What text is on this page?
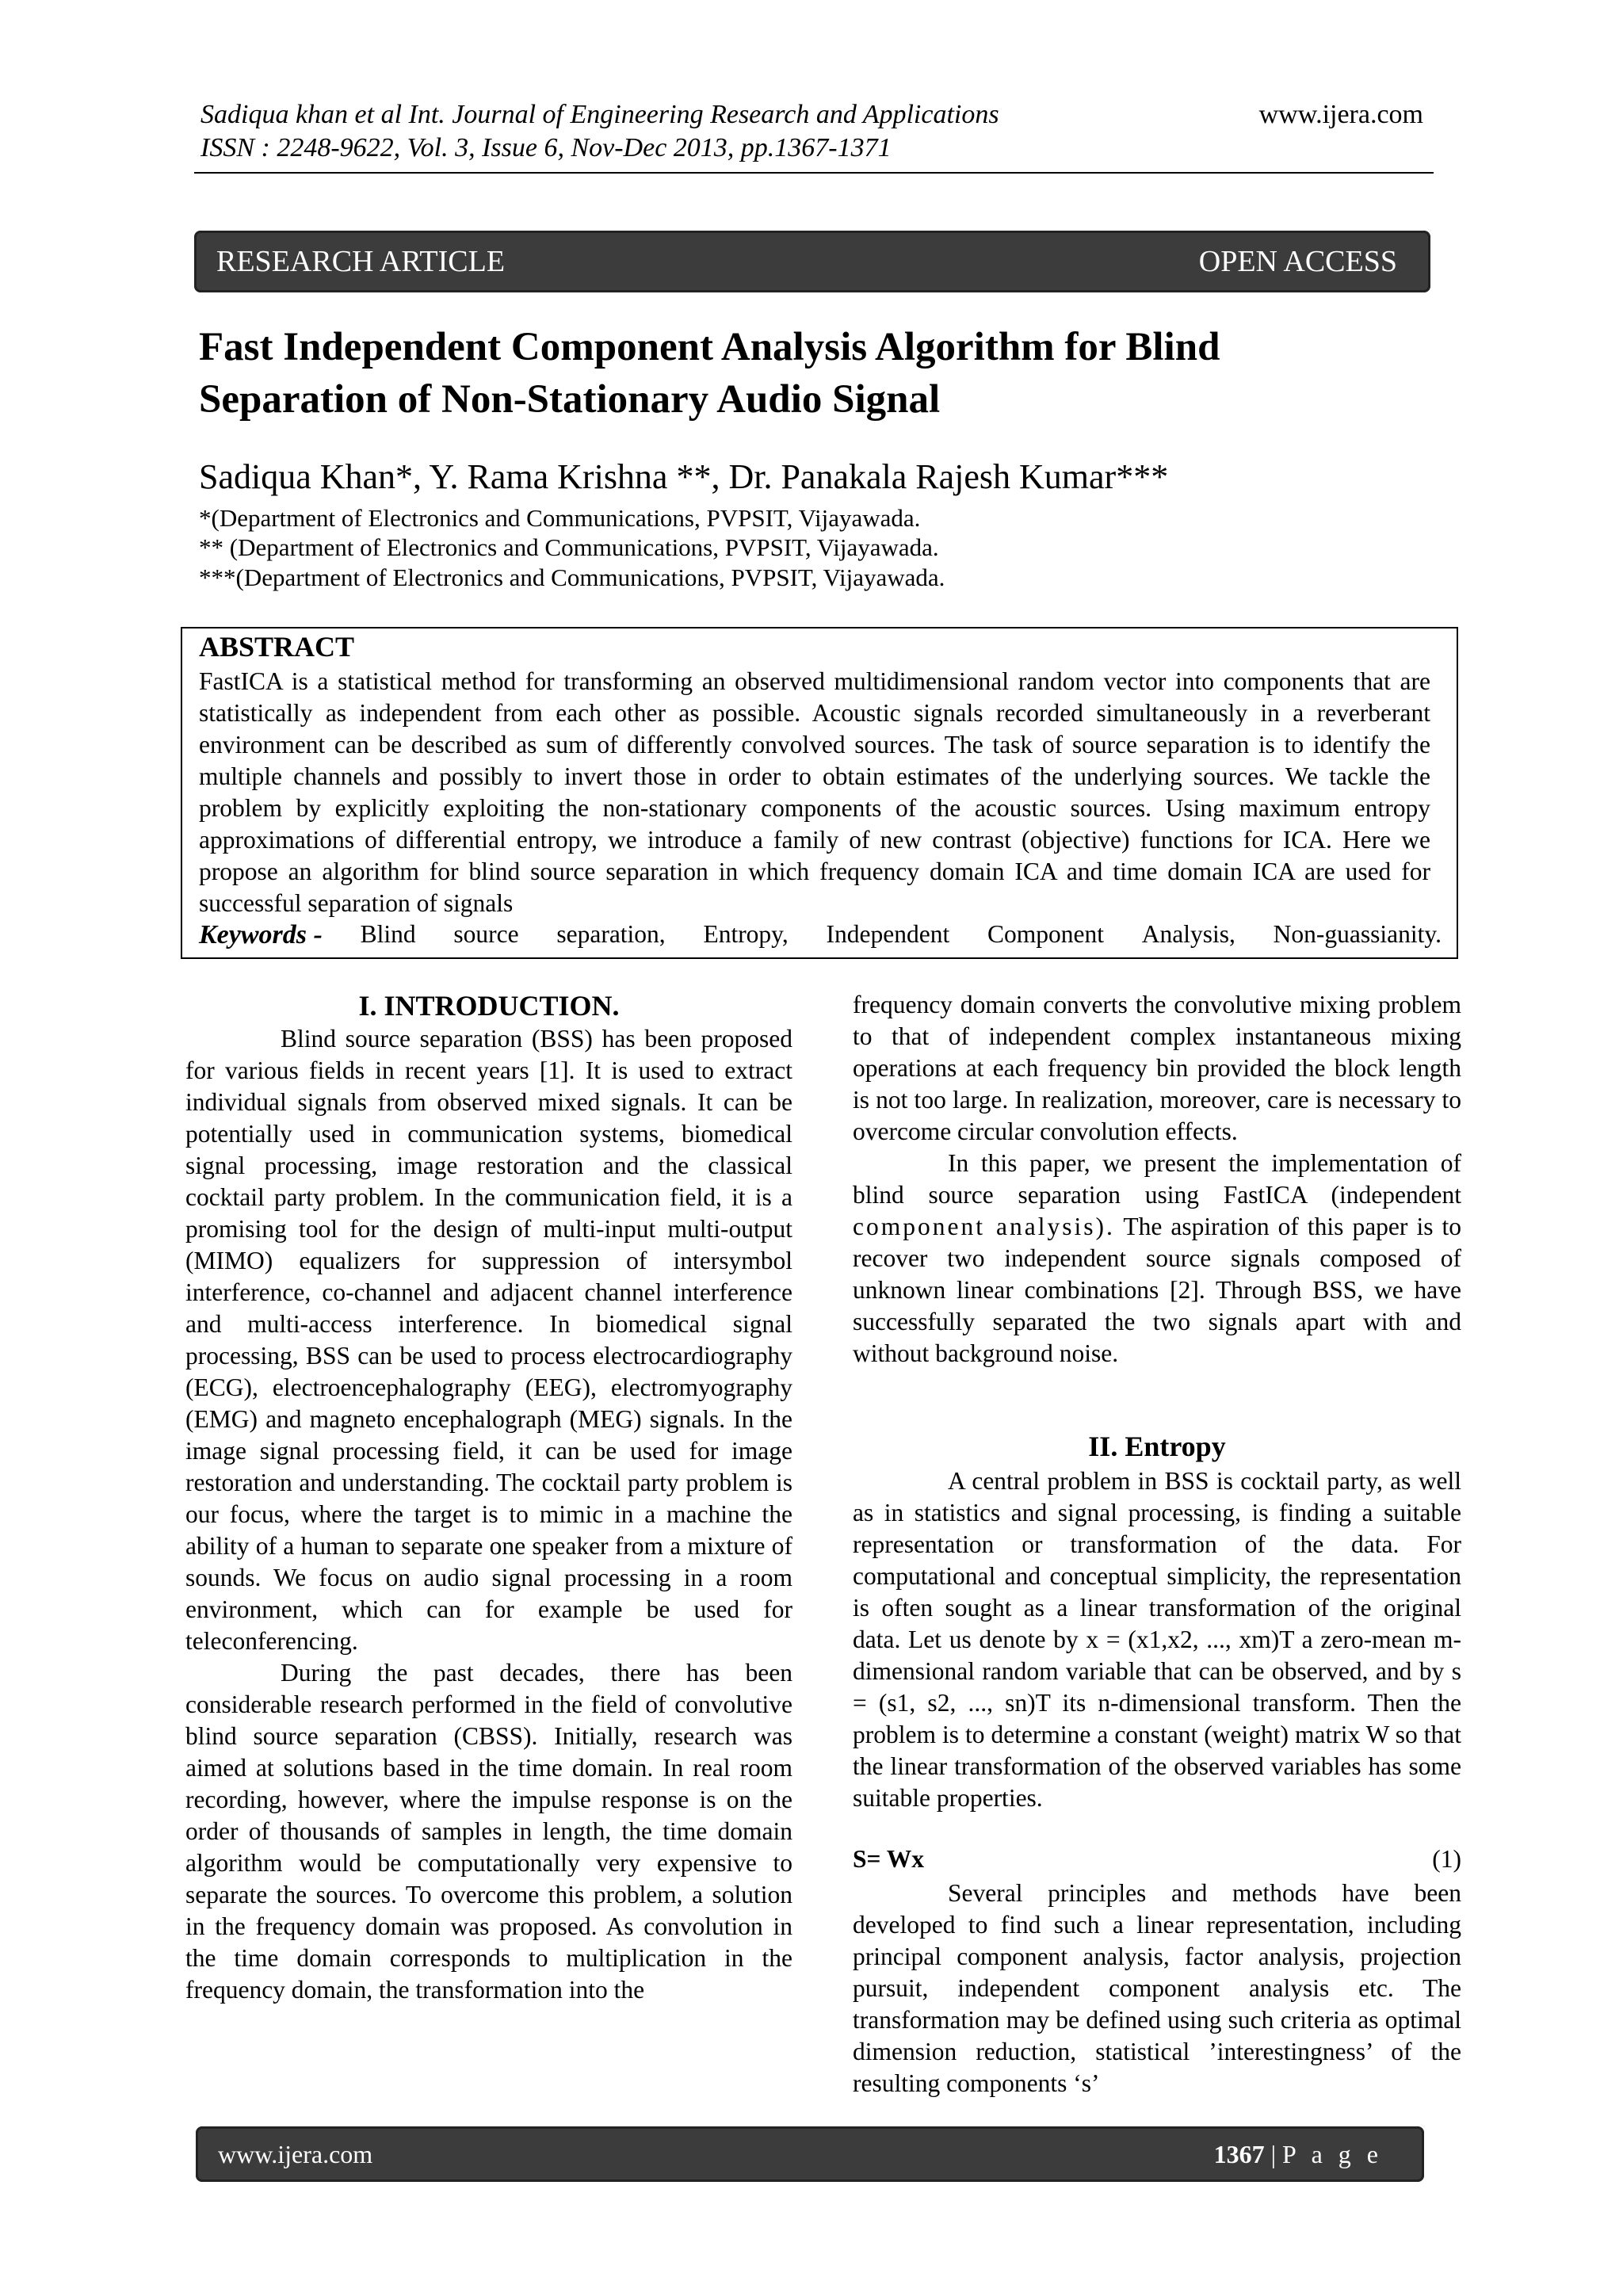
Sadiqua khan et al Int. Journal of Engineering Research and Applications
ISSN : 2248-9622, Vol. 3, Issue 6, Nov-Dec 2013, pp.1367-1371
www.ijera.com
RESEARCH ARTICLE	OPEN ACCESS
Fast Independent Component Analysis Algorithm for Blind
Separation of Non-Stationary Audio Signal
Sadiqua Khan*, Y. Rama Krishna **, Dr. Panakala Rajesh Kumar***
*(Department of Electronics and Communications, PVPSIT, Vijayawada.
** (Department of Electronics and Communications, PVPSIT, Vijayawada.
***(Department of Electronics and Communications, PVPSIT, Vijayawada.
ABSTRACT
FastICA is a statistical method for transforming an observed multidimensional random vector into components that are statistically as independent from each other as possible. Acoustic signals recorded simultaneously in a reverberant environment can be described as sum of differently convolved sources. The task of source separation is to identify the multiple channels and possibly to invert those in order to obtain estimates of the underlying sources. We tackle the problem by explicitly exploiting the non-stationary components of the acoustic sources. Using maximum entropy approximations of differential entropy, we introduce a family of new contrast (objective) functions for ICA. Here we propose an algorithm for blind source separation in which frequency domain ICA and time domain ICA are used for successful separation of signals
Keywords - Blind source separation, Entropy, Independent Component Analysis, Non-guassianity.
I. INTRODUCTION.

Blind source separation (BSS) has been proposed for various fields in recent years [1]. It is used to extract individual signals from observed mixed signals. It can be potentially used in communication systems, biomedical signal processing, image restoration and the classical cocktail party problem. In the communication field, it is a promising tool for the design of multi-input multi-output (MIMO) equalizers for suppression of intersymbol interference, co-channel and adjacent channel interference and multi-access interference. In biomedical signal processing, BSS can be used to process electrocardiography (ECG), electroencephalography (EEG), electromyography (EMG) and magneto encephalograph (MEG) signals. In the image signal processing field, it can be used for image restoration and understanding. The cocktail party problem is our focus, where the target is to mimic in a machine the ability of a human to separate one speaker from a mixture of sounds. We focus on audio signal processing in a room environment, which can for example be used for teleconferencing.

During the past decades, there has been considerable research performed in the field of convolutive blind source separation (CBSS). Initially, research was aimed at solutions based in the time domain. In real room recording, however, where the impulse response is on the order of thousands of samples in length, the time domain algorithm would be computationally very expensive to separate the sources. To overcome this problem, a solution in the frequency domain was proposed. As convolution in the time domain corresponds to multiplication in the frequency domain, the transformation into the

frequency domain converts the convolutive mixing problem to that of independent complex instantaneous mixing operations at each frequency bin provided the block length is not too large. In realization, moreover, care is necessary to overcome circular convolution effects.

In this paper, we present the implementation of blind source separation using FastICA (independent component analysis). The aspiration of this paper is to recover two independent source signals composed of unknown linear combinations [2]. Through BSS, we have successfully separated the two signals apart with and without background noise.

II. Entropy

A central problem in BSS is cocktail party, as well as in statistics and signal processing, is finding a suitable representation or transformation of the data. For computational and conceptual simplicity, the representation is often sought as a linear transformation of the original data. Let us denote by x = (x1,x2, ..., xm)T a zero-mean m-dimensional random variable that can be observed, and by s = (s1, s2, ..., sn)T its n-dimensional transform. Then the problem is to determine a constant (weight) matrix W so that the linear transformation of the observed variables has some suitable properties.

S= Wx	(1)

Several principles and methods have been developed to find such a linear representation, including principal component analysis, factor analysis, projection pursuit, independent component analysis etc. The transformation may be defined using such criteria as optimal dimension reduction, statistical ’interestingness’ of the resulting components ‘s’

www.ijera.com	1367 | P a g e
